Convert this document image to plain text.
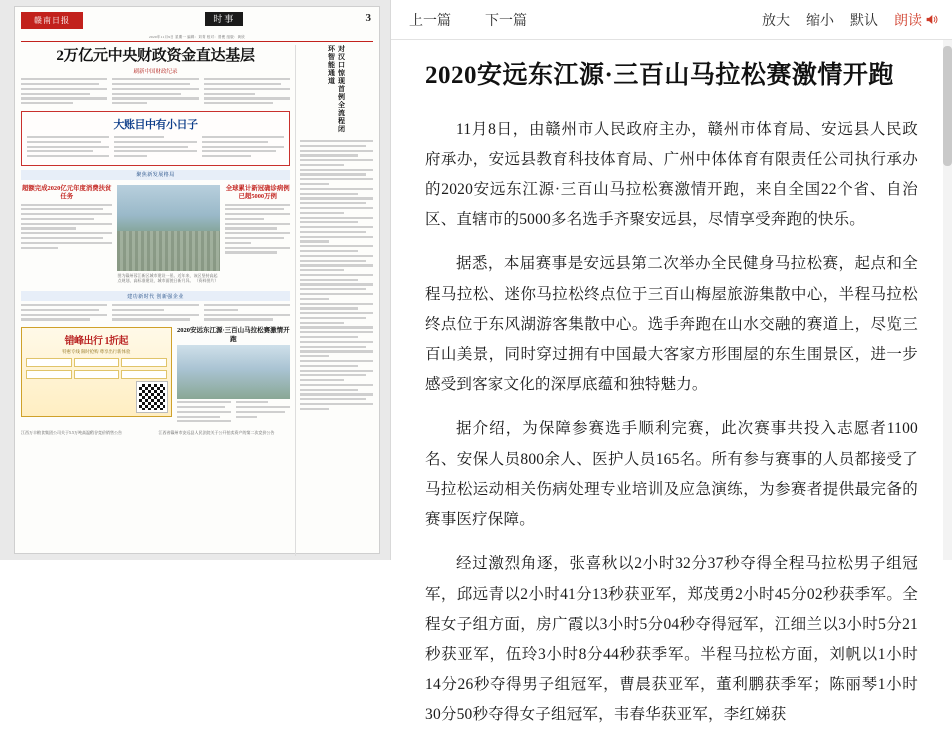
赣南日报	时事	3
2020年11月9日 星期一 编辑：刘青 校对：曾俊 组版：黄欣
2万亿元中央财政资金直达基层
刷新中国财政纪录
大账目中有小日子
聚焦新发展格局
超额完成2020亿元年度消费扶贫任务
图为赣州蓉江新区城市建设一景。近年来，该区坚持高起点规划、高标准建设，城市面貌日新月异。 （资料图片）
全球累计新冠确诊病例已超5000万例
建功新时代 创新强企业
错峰出行 1折起
特惠专线 限时抢购 尊享出行新体验
2020安远东江源·三百山马拉松赛激情开跑
江西万丰粮食集团公司关于5.5万吨高温稻谷竞价销售公告	江西省赣州市安远县人民法院关于公开拍卖资产的第二次竞价公告
对汉口惊现首例全流程闭环智能通道
上一篇 下一篇	放大 缩小 默认 朗读
2020安远东江源·三百山马拉松赛激情开跑

11月8日，由赣州市人民政府主办，赣州市体育局、安远县人民政府承办，安远县教育科技体育局、广州中体体育有限责任公司执行承办的2020安远东江源·三百山马拉松赛激情开跑，来自全国22个省、自治区、直辖市的5000多名选手齐聚安远县，尽情享受奔跑的快乐。

据悉，本届赛事是安远县第二次举办全民健身马拉松赛，起点和全程马拉松、迷你马拉松终点位于三百山梅屋旅游集散中心，半程马拉松终点位于东风湖游客集散中心。选手奔跑在山水交融的赛道上，尽览三百山美景，同时穿过拥有中国最大客家方形围屋的东生围景区，进一步感受到客家文化的深厚底蕴和独特魅力。

据介绍，为保障参赛选手顺利完赛，此次赛事共投入志愿者1100名、安保人员800余人、医护人员165名。所有参与赛事的人员都接受了马拉松运动相关伤病处理专业培训及应急演练，为参赛者提供最完备的赛事医疗保障。

经过激烈角逐，张喜秋以2小时32分37秒夺得全程马拉松男子组冠军，邱远青以2小时41分13秒获亚军，郑茂勇2小时45分02秒获季军。全程女子组方面，房广霞以3小时5分04秒夺得冠军，江细兰以3小时5分21秒获亚军，伍玲3小时8分44秒获季军。半程马拉松方面，刘帆以1小时14分26秒夺得男子组冠军，曹晨获亚军，董利鹏获季军；陈丽琴1小时30分50秒夺得女子组冠军，韦春华获亚军，李红娣获
